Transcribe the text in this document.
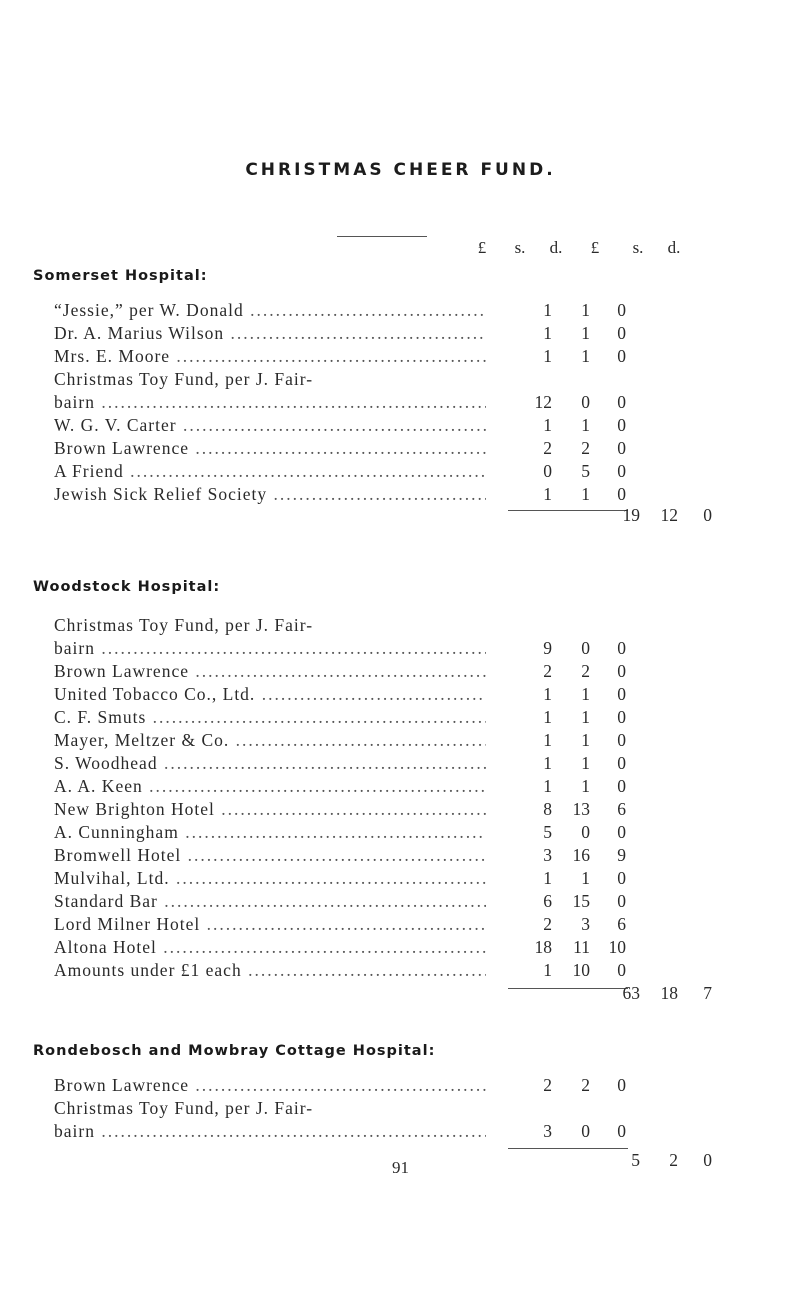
CHRISTMAS CHEER FUND.
£	s.	d.	£	s.	d.
Somerset Hospital:
“Jessie,” per W. Donald .....	1	1	0
Dr. A. Marius Wilson .....	1	1	0
Mrs. E. Moore .....	1	1	0
Christmas Toy Fund, per J. Fair-
bairn .....	12	0	0
W. G. V. Carter .....	1	1	0
Brown Lawrence .....	2	2	0
A Friend .....	0	5	0
Jewish Sick Relief Society .....	1	1	0
19	12	0
Woodstock Hospital:
Christmas Toy Fund, per J. Fair-
bairn .....	9	0	0
Brown Lawrence .....	2	2	0
United Tobacco Co., Ltd. .....	1	1	0
C. F. Smuts .....	1	1	0
Mayer, Meltzer & Co. .....	1	1	0
S. Woodhead .....	1	1	0
A. A. Keen .....	1	1	0
New Brighton Hotel .....	8	13	6
A. Cunningham .....	5	0	0
Bromwell Hotel .....	3	16	9
Mulvihal, Ltd. .....	1	1	0
Standard Bar .....	6	15	0
Lord Milner Hotel .....	2	3	6
Altona Hotel .....	18	11	10
Amounts under £1 each .....	1	10	0
63	18	7
Rondebosch and Mowbray Cottage Hospital:
Brown Lawrence .....	2	2	0
Christmas Toy Fund, per J. Fair-
bairn .....	3	0	0
5	2	0
91
